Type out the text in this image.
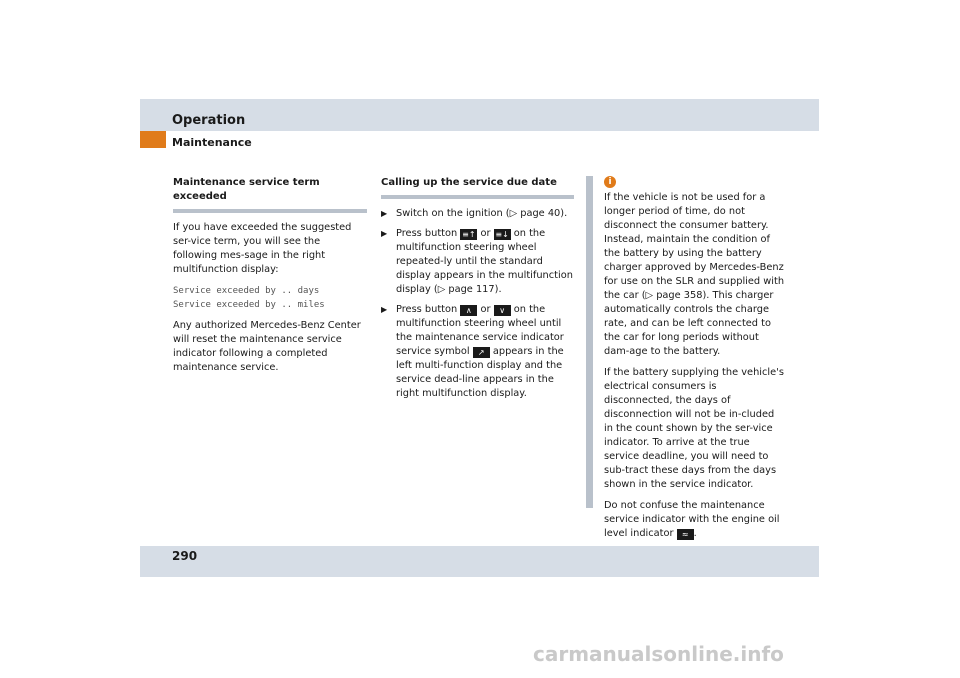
Operation
Maintenance
Maintenance service term exceeded

If you have exceeded the suggested ser-vice term, you will see the following mes-sage in the right multifunction display:

Service exceeded by .. days
Service exceeded by .. miles

Any authorized Mercedes-Benz Center will reset the maintenance service indicator following a completed maintenance service.

Calling up the service due date
▶ Switch on the ignition (▷ page 40).
▶ Press button ≡↑ or ≡↓ on the multifunction steering wheel repeated-ly until the standard display appears in the multifunction display (▷ page 117).
▶ Press button ∧ or ∨ on the multifunction steering wheel until the maintenance service indicator service symbol ↗ appears in the left multi-function display and the service dead-line appears in the right multifunction display.
i

If the vehicle is not be used for a longer period of time, do not disconnect the consumer battery. Instead, maintain the condition of the battery by using the battery charger approved by Mercedes-Benz for use on the SLR and supplied with the car (▷ page 358). This charger automatically controls the charge rate, and can be left connected to the car for long periods without dam-age to the battery.

If the battery supplying the vehicle's electrical consumers is disconnected, the days of disconnection will not be in-cluded in the count shown by the ser-vice indicator. To arrive at the true service deadline, you will need to sub-tract these days from the days shown in the service indicator.

Do not confuse the maintenance service indicator with the engine oil level indicator ≈ .

290
carmanualsonline.info
